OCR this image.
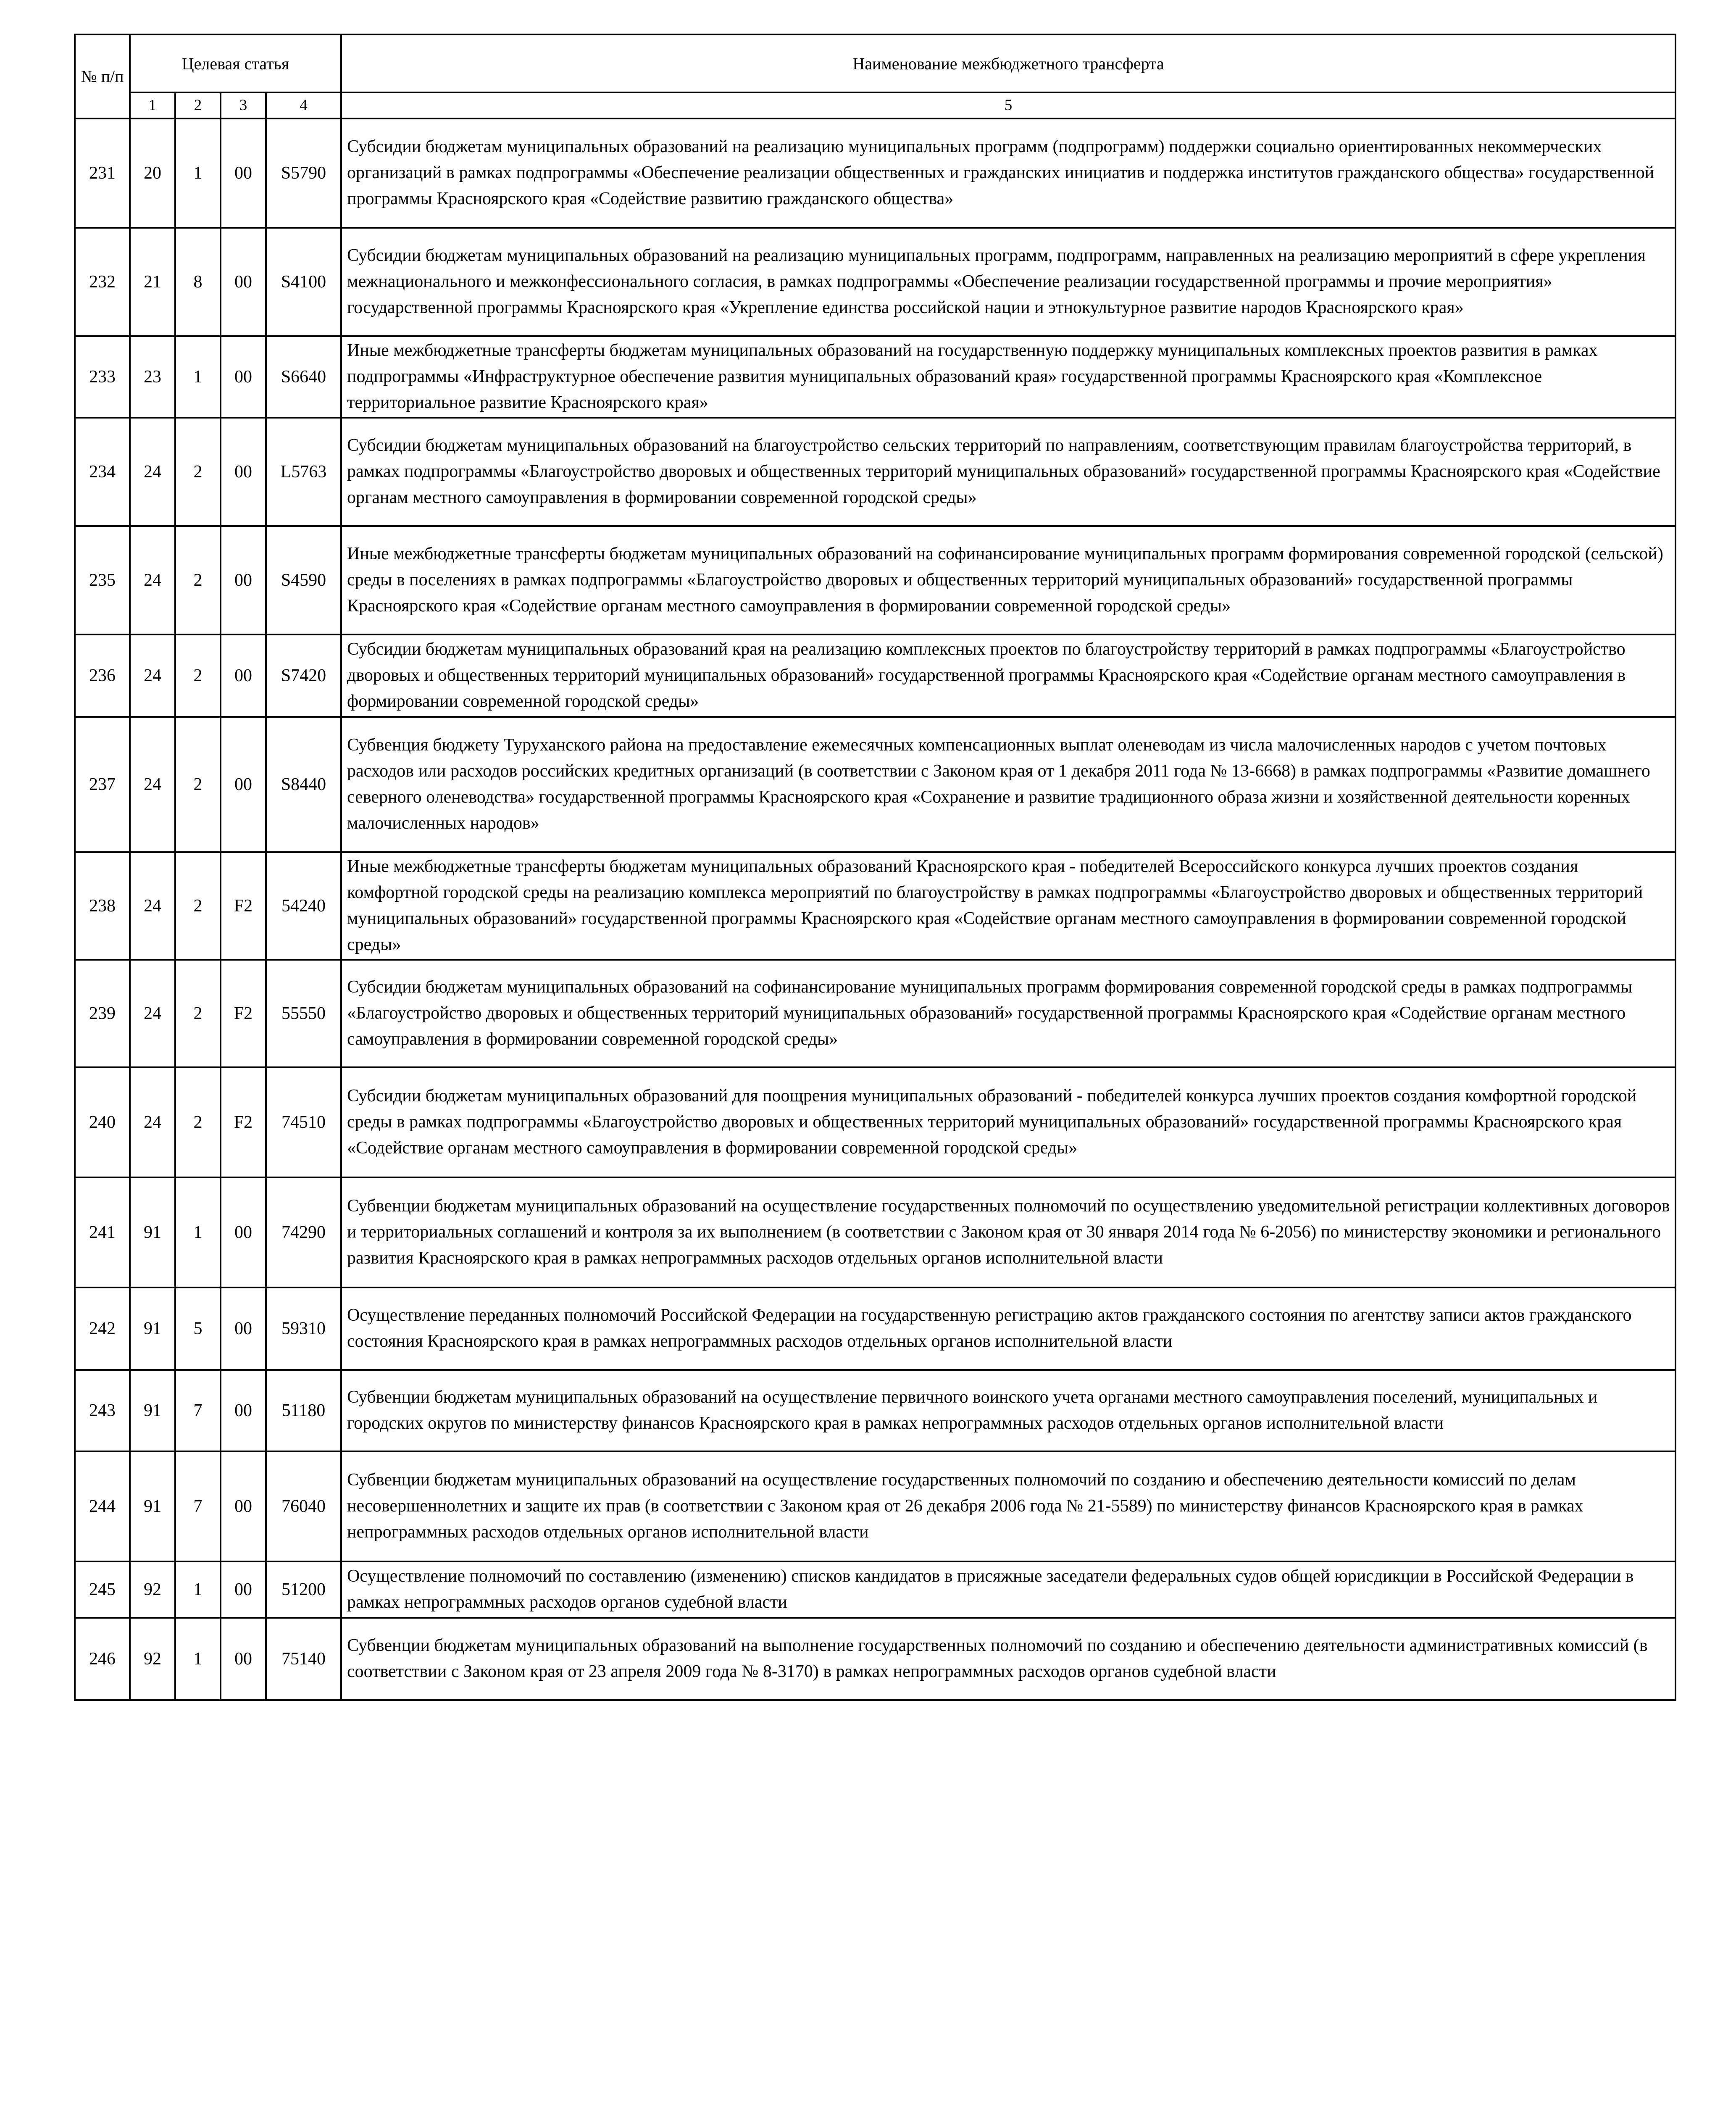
№ п/п	Целевая статья				Наименование межбюджетного трансферта
	1	2	3	4	5
231	20	1	00	S5790	Субсидии бюджетам муниципальных образований на реализацию муниципальных программ (подпрограмм) поддержки социально ориентированных некоммерческих организаций в рамках подпрограммы «Обеспечение реализации общественных и гражданских инициатив и поддержка институтов гражданского общества» государственной программы Красноярского края «Содействие развитию гражданского общества»
232	21	8	00	S4100	Субсидии бюджетам муниципальных образований на реализацию муниципальных программ, подпрограмм, направленных на реализацию мероприятий в сфере укрепления межнационального и межконфессионального согласия, в рамках подпрограммы «Обеспечение реализации государственной программы и прочие мероприятия» государственной программы Красноярского края «Укрепление единства российской нации и этнокультурное развитие народов Красноярского края»
233	23	1	00	S6640	Иные межбюджетные трансферты бюджетам муниципальных образований на государственную поддержку муниципальных комплексных проектов развития в рамках подпрограммы «Инфраструктурное обеспечение развития муниципальных образований края» государственной программы Красноярского края «Комплексное территориальное развитие Красноярского края»
234	24	2	00	L5763	Субсидии бюджетам муниципальных образований на благоустройство сельских территорий по направлениям, соответствующим правилам благоустройства территорий, в рамках подпрограммы «Благоустройство дворовых и общественных территорий муниципальных образований» государственной программы Красноярского края «Содействие органам местного самоуправления в формировании современной городской среды»
235	24	2	00	S4590	Иные межбюджетные трансферты бюджетам муниципальных образований на софинансирование муниципальных программ формирования современной городской (сельской) среды в поселениях в рамках подпрограммы «Благоустройство дворовых и общественных территорий муниципальных образований» государственной программы Красноярского края «Содействие органам местного самоуправления в формировании современной городской среды»
236	24	2	00	S7420	Субсидии бюджетам муниципальных образований края на реализацию комплексных проектов по благоустройству территорий в рамках подпрограммы «Благоустройство дворовых и общественных территорий муниципальных образований» государственной программы Красноярского края «Содействие органам местного самоуправления в формировании современной городской среды»
237	24	2	00	S8440	Субвенция бюджету Туруханского района на предоставление ежемесячных компенсационных выплат оленеводам из числа малочисленных народов с учетом почтовых расходов или расходов российских кредитных организаций (в соответствии с Законом края от 1 декабря 2011 года № 13-6668) в рамках подпрограммы «Развитие домашнего северного оленеводства» государственной программы Красноярского края «Сохранение и развитие традиционного образа жизни и хозяйственной деятельности коренных малочисленных народов»
238	24	2	F2	54240	Иные межбюджетные трансферты бюджетам муниципальных образований Красноярского края - победителей Всероссийского конкурса лучших проектов создания комфортной городской среды на реализацию комплекса мероприятий по благоустройству в рамках подпрограммы «Благоустройство дворовых и общественных территорий муниципальных образований» государственной программы Красноярского края «Содействие органам местного самоуправления в формировании современной городской среды»
239	24	2	F2	55550	Субсидии бюджетам муниципальных образований на софинансирование муниципальных программ формирования современной городской среды в рамках подпрограммы «Благоустройство дворовых и общественных территорий муниципальных образований» государственной программы Красноярского края «Содействие органам местного самоуправления в формировании современной городской среды»
240	24	2	F2	74510	Субсидии бюджетам муниципальных образований для поощрения муниципальных образований - победителей конкурса лучших проектов создания комфортной городской среды в рамках подпрограммы «Благоустройство дворовых и общественных территорий муниципальных образований» государственной программы Красноярского края «Содействие органам местного самоуправления в формировании современной городской среды»
241	91	1	00	74290	Субвенции бюджетам муниципальных образований на осуществление государственных полномочий по осуществлению уведомительной регистрации коллективных договоров и территориальных соглашений и контроля за их выполнением (в соответствии с Законом края от 30 января 2014 года № 6-2056) по министерству экономики и регионального развития Красноярского края в рамках непрограммных расходов отдельных органов исполнительной власти
242	91	5	00	59310	Осуществление переданных полномочий Российской Федерации на государственную регистрацию актов гражданского состояния по агентству записи актов гражданского состояния Красноярского края в рамках непрограммных расходов отдельных органов исполнительной власти
243	91	7	00	51180	Субвенции бюджетам муниципальных образований на осуществление первичного воинского учета органами местного самоуправления поселений, муниципальных и городских округов по министерству финансов Красноярского края в рамках непрограммных расходов отдельных органов исполнительной власти
244	91	7	00	76040	Субвенции бюджетам муниципальных образований на осуществление государственных полномочий по созданию и обеспечению деятельности комиссий по делам несовершеннолетних и защите их прав (в соответствии с Законом края от 26 декабря 2006 года № 21-5589) по министерству финансов Красноярского края в рамках непрограммных расходов отдельных органов исполнительной власти
245	92	1	00	51200	Осуществление полномочий по составлению (изменению) списков кандидатов в присяжные заседатели федеральных судов общей юрисдикции в Российской Федерации в рамках непрограммных расходов органов судебной власти
246	92	1	00	75140	Субвенции бюджетам муниципальных образований на выполнение государственных полномочий по созданию и обеспечению деятельности административных комиссий (в соответствии с Законом края от 23 апреля 2009 года № 8-3170) в рамках непрограммных расходов органов судебной власти
